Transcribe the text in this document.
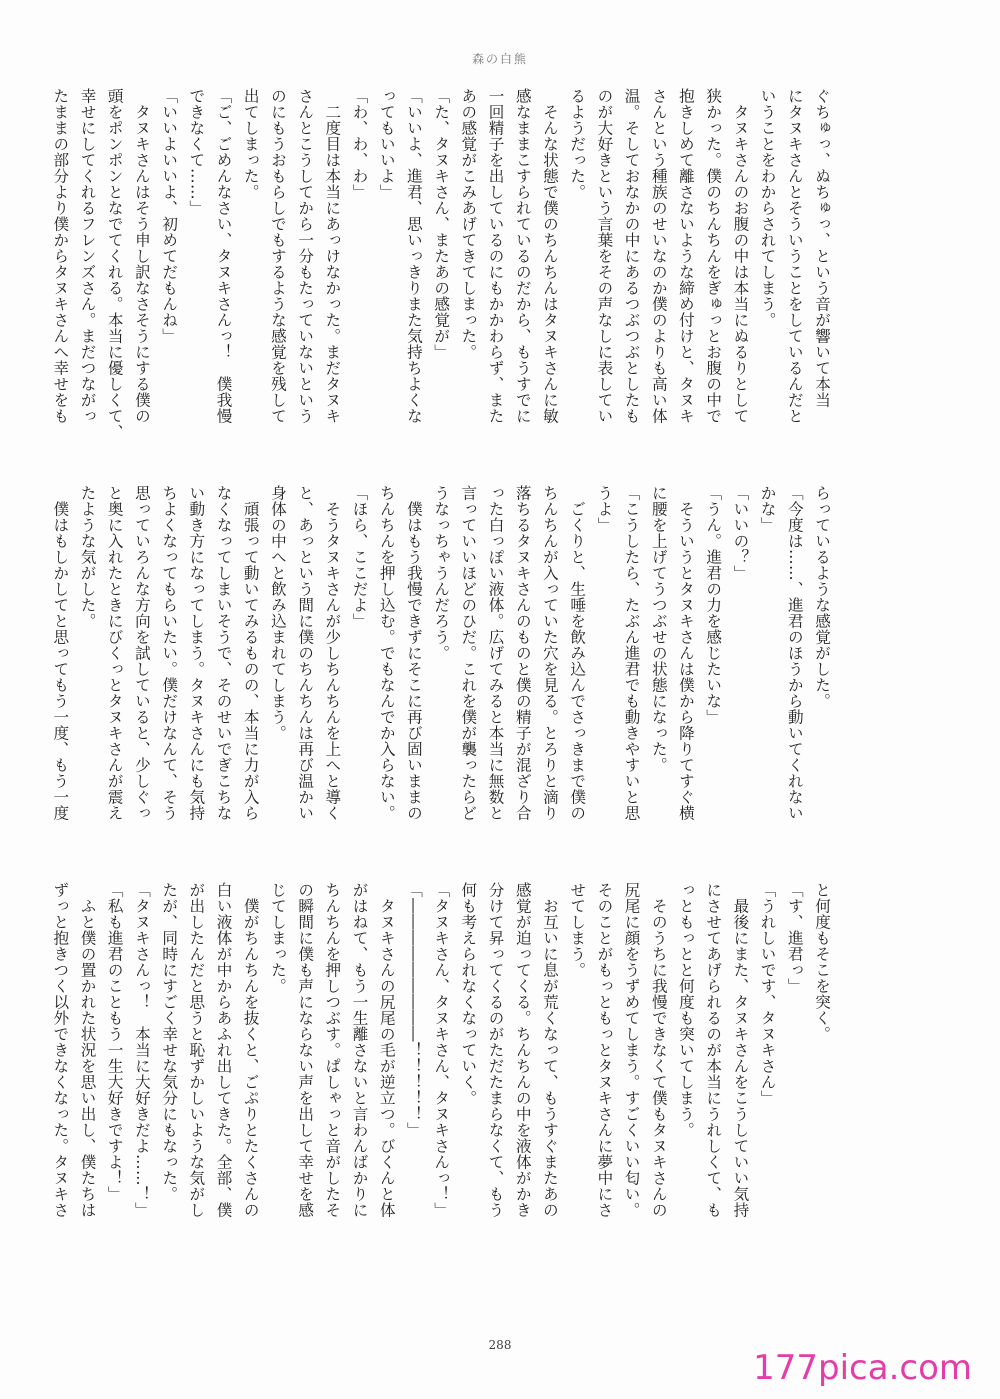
森の白熊
ぐちゅっ、ぬちゅっ、という音が響いて本当
にタヌキさんとそういうことをしているんだと
いうことをわからされてしまう。
　タヌキさんのお腹の中は本当にぬるりとして
狭かった。僕のちんちんをぎゅっとお腹の中で
抱きしめて離さないような締め付けと、タヌキ
さんという種族のせいなのか僕のよりも高い体
温。そしておなかの中にあるつぶつぶとしたも
のが大好きという言葉をその声なしに表してい
るようだった。
　そんな状態で僕のちんちんはタヌキさんに敏
感なままこすられているのだから、もうすでに
一回精子を出しているのにもかかわらず、また
あの感覚がこみあげてきてしまった。
「た、タヌキさん、またあの感覚が」
「いいよ、進君、思いっきりまた気持ちよくな
ってもいいよ」
「わ、わ、わ」
　二度目は本当にあっけなかった。まだタヌキ
さんとこうしてから一分もたっていないという
のにもうおもらしでもするような感覚を残して
出てしまった。
「ご、ごめんなさい、タヌキさんっ！　僕我慢
できなくて……」
「いいよいいよ、初めてだもんね」
　タヌキさんはそう申し訳なさそうにする僕の
頭をポンポンとなでてくれる。本当に優しくて、
幸せにしてくれるフレンズさん。まだつながっ
たままの部分より僕からタヌキさんへ幸せをも
らっているような感覚がした。
「今度は……、進君のほうから動いてくれない
かな」
「いいの？」
「うん。進君の力を感じたいな」
　そういうとタヌキさんは僕から降りてすぐ横
に腰を上げてうつぶせの状態になった。
「こうしたら、たぶん進君でも動きやすいと思
うよ」
　ごくりと、生唾を飲み込んでさっきまで僕の
ちんちんが入っていた穴を見る。とろりと滴り
落ちるタヌキさんのものと僕の精子が混ざり合
った白っぽい液体。広げてみると本当に無数と
言っていいほどのひだ。これを僕が襲ったらど
うなっちゃうんだろう。
　僕はもう我慢できずにそこに再び固いままの
ちんちんを押し込む。でもなんでか入らない。
「ほら、ここだよ」
　そうタヌキさんが少しちんちんを上へと導く
と、あっという間に僕のちんちんは再び温かい
身体の中へと飲み込まれてしまう。
　頑張って動いてみるものの、本当に力が入ら
なくなってしまいそうで、そのせいでぎこちな
い動き方になってしまう。タヌキさんにも気持
ちよくなってもらいたい。僕だけなんて、そう
思っていろんな方向を試していると、少しぐっ
と奥に入れたときにびくっとタヌキさんが震え
たような気がした。
　僕はもしかしてと思ってもう一度、もう一度
と何度もそこを突く。
「す、進君っ」
「うれしいです、タヌキさん」
　最後にまた、タヌキさんをこうしていい気持
にさせてあげられるのが本当にうれしくて、も
っともっとと何度も突いてしまう。
　そのうちに我慢できなくて僕もタヌキさんの
尻尾に顔をうずめてしまう。すごくいい匂い。
そのことがもっともっとタヌキさんに夢中にさ
せてしまう。
　お互いに息が荒くなって、もうすぐまたあの
感覚が迫ってくる。ちんちんの中を液体がかき
分けて昇ってくるのがただたまらなくて、もう
何も考えられなくなっていく。
「タヌキさん、タヌキさん、タヌキさんっ！」
「―――――――――！！！！！」
　タヌキさんの尻尾の毛が逆立つ。びくんと体
がはねて、もう一生離さないと言わんばかりに
ちんちんを押しつぶす。ぱしゃっと音がしたそ
の瞬間に僕も声にならない声を出して幸せを感
じてしまった。
　僕がちんちんを抜くと、ごぷりとたくさんの
白い液体が中からあふれ出してきた。全部、僕
が出したんだと思うと恥ずかしいような気がし
たが、同時にすごく幸せな気分にもなった。
「タヌキさんっ！　本当に大好きだよ……！」
「私も進君のこともう一生大好きですよ！」
　ふと僕の置かれた状況を思い出し、僕たちは
ずっと抱きつく以外できなくなった。タヌキさ
288
177pica.com
